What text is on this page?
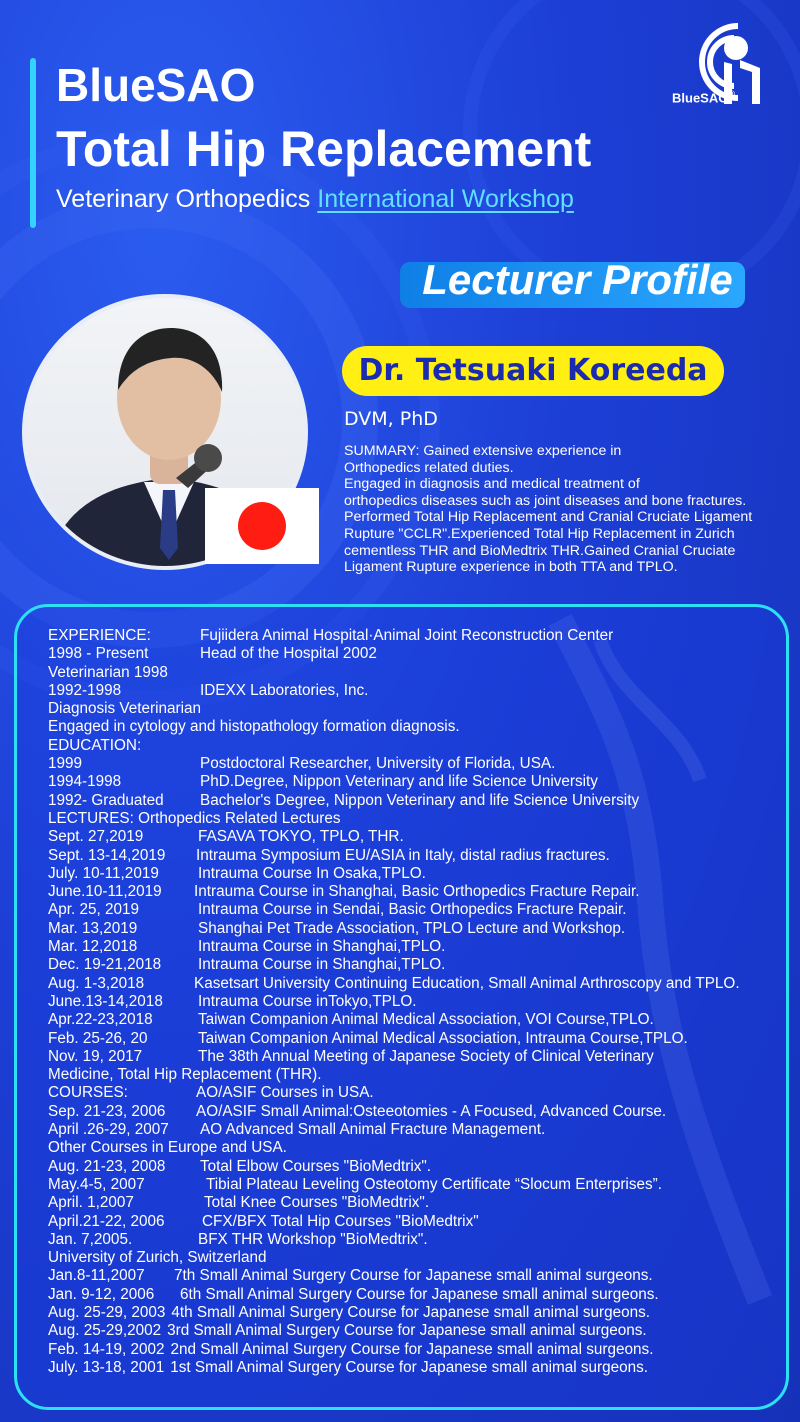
BlueSAO
Total Hip Replacement
Veterinary Orthopedics International Workshop
BlueSAO®
Lecturer Profile
Dr. Tetsuaki Koreeda
DVM, PhD
SUMMARY: Gained extensive experience in
Orthopedics related duties.
Engaged in diagnosis and medical treatment of
orthopedics diseases such as joint diseases and bone fractures.
Performed Total Hip Replacement and Cranial Cruciate Ligament
Rupture "CCLR".Experienced Total Hip Replacement in Zurich
cementless THR and BioMedtrix THR.Gained Cranial Cruciate
Ligament Rupture experience in both TTA and TPLO.
EXPERIENCE:	Fujiidera Animal Hospital·Animal Joint Reconstruction Center
1998 - Present	Head of the Hospital 2002
Veterinarian 1998
1992-1998	IDEXX Laboratories, Inc.
Diagnosis Veterinarian
Engaged in cytology and histopathology formation diagnosis.
EDUCATION:
1999	Postdoctoral Researcher, University of Florida, USA.
1994-1998	PhD.Degree, Nippon Veterinary and life Science University
1992- Graduated Bachelor's Degree, Nippon Veterinary and life Science University
LECTURES: Orthopedics Related Lectures
Sept. 27,2019	FASAVA TOKYO, TPLO, THR.
Sept. 13-14,2019 Intrauma Symposium EU/ASIA in Italy, distal radius fractures.
July. 10-11,2019	Intrauma Course In Osaka,TPLO.
June.10-11,2019 Intrauma Course in Shanghai, Basic Orthopedics Fracture Repair.
Apr. 25, 2019	Intrauma Course in Sendai, Basic Orthopedics Fracture Repair.
Mar. 13,2019	Shanghai Pet Trade Association, TPLO Lecture and Workshop.
Mar. 12,2018	Intrauma Course in Shanghai,TPLO.
Dec. 19-21,2018 Intrauma Course in Shanghai,TPLO.
Aug. 1-3,2018	Kasetsart University Continuing Education, Small Animal Arthroscopy and TPLO.
June.13-14,2018 Intrauma Course inTokyo,TPLO.
Apr.22-23,2018	Taiwan Companion Animal Medical Association, VOI Course,TPLO.
Feb. 25-26, 20	Taiwan Companion Animal Medical Association, Intrauma Course,TPLO.
Nov. 19, 2017	The 38th Annual Meeting of Japanese Society of Clinical Veterinary
Medicine, Total Hip Replacement (THR).
COURSES:	AO/ASIF Courses in USA.
Sep. 21-23, 2006 AO/ASIF Small Animal:Osteeotomies - A Focused, Advanced Course.
April .26-29, 2007 AO Advanced Small Animal Fracture Management.
Other Courses in Europe and USA.
Aug. 21-23, 2008 Total Elbow Courses "BioMedtrix".
May.4-5, 2007	Tibial Plateau Leveling Osteotomy Certificate “Slocum Enterprises”.
April. 1,2007	Total Knee Courses "BioMedtrix".
April.21-22, 2006 CFX/BFX Total Hip Courses "BioMedtrix"
Jan. 7,2005.	BFX THR Workshop "BioMedtrix".
University of Zurich, Switzerland
Jan.8-11,2007 7th Small Animal Surgery Course for Japanese small animal surgeons.
Jan. 9-12, 2006 6th Small Animal Surgery Course for Japanese small animal surgeons.
Aug. 25-29, 2003 4th Small Animal Surgery Course for Japanese small animal surgeons.
Aug. 25-29,2002 3rd Small Animal Surgery Course for Japanese small animal surgeons.
Feb. 14-19, 2002 2nd Small Animal Surgery Course for Japanese small animal surgeons.
July. 13-18, 2001 1st Small Animal Surgery Course for Japanese small animal surgeons.
